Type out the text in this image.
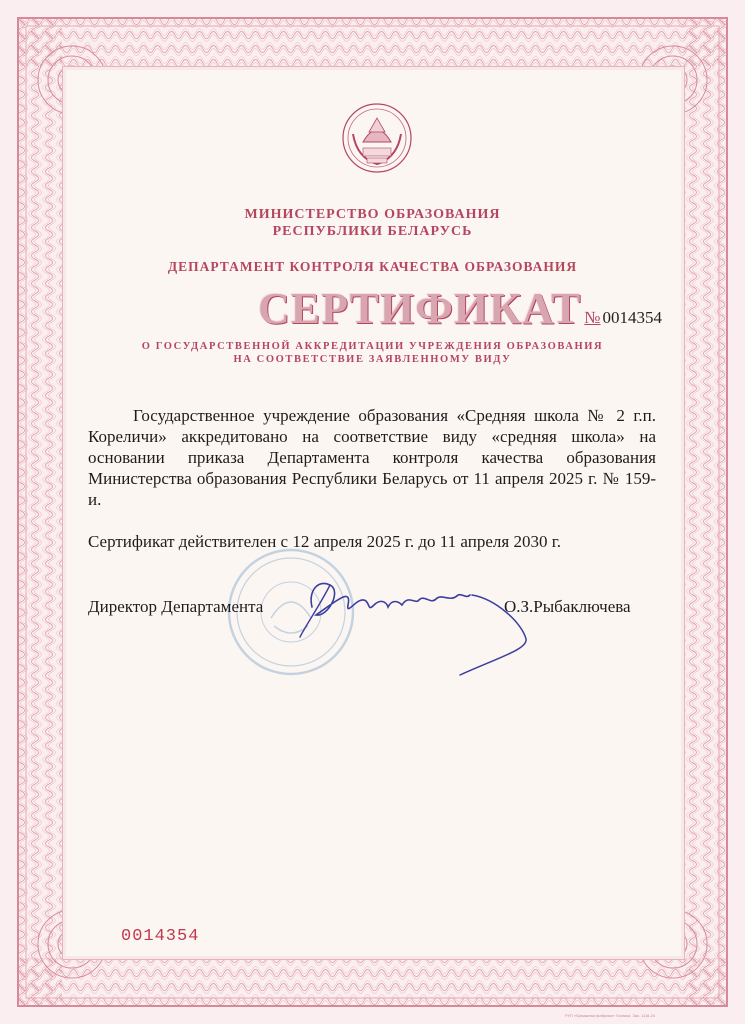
МИНИСТЕРСТВО ОБРАЗОВАНИЯ
РЕСПУБЛИКИ БЕЛАРУСЬ
ДЕПАРТАМЕНТ КОНТРОЛЯ КАЧЕСТВА ОБРАЗОВАНИЯ
СЕРТИФИКАТ № 0014354
О ГОСУДАРСТВЕННОЙ АККРЕДИТАЦИИ УЧРЕЖДЕНИЯ ОБРАЗОВАНИЯ
НА СООТВЕТСТВИЕ ЗАЯВЛЕННОМУ ВИДУ

Государственное учреждение образования «Средняя школа № 2 г.п. Кореличи» аккредитовано на соответствие виду «средняя школа» на основании приказа Департамента контроля качества образования Министерства образования Республики Беларусь от 11 апреля 2025 г. № 159-и.

Сертификат действителен с 12 апреля 2025 г. до 11 апреля 2030 г.
Директор Департамента	О.З.Рыбаключева
0014354
РУП «Бумажная фабрика» Гознака. Зак. 1116-24
